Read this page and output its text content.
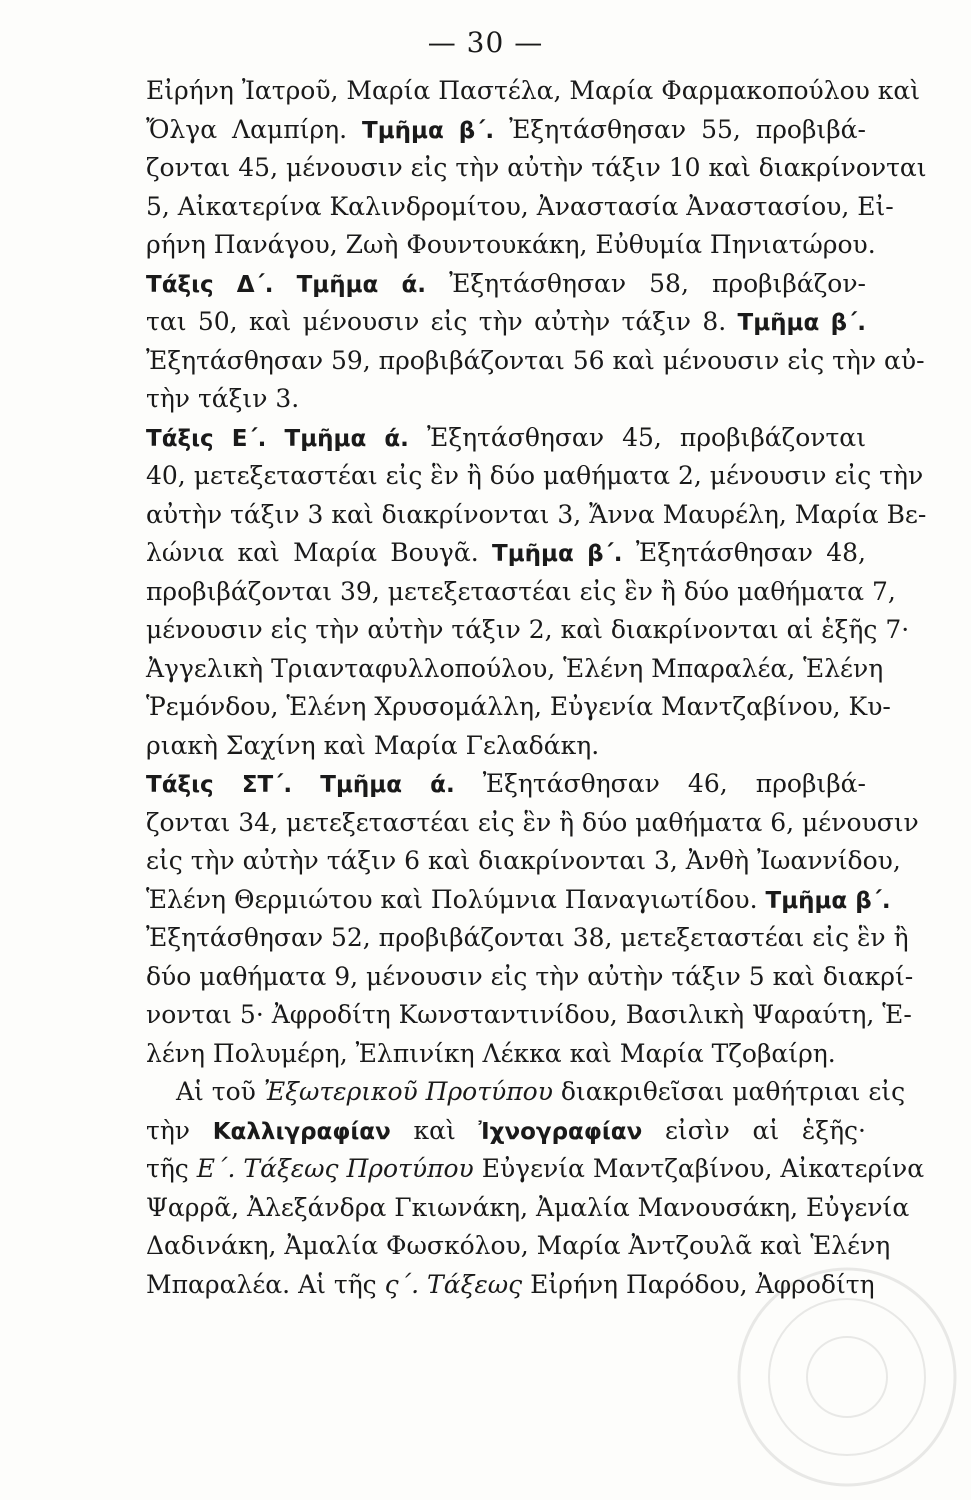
— 30 —
Εἰρήνη Ἰατροῦ, Μαρία Παστέλα, Μαρία Φαρμακοπούλου καὶ
Ὄλγα Λαμπίρη. Τμῆμα β΄. Ἐξητάσθησαν 55, προβιβά-
ζονται 45, μένουσιν εἰς τὴν αὐτὴν τάξιν 10 καὶ διακρίνονται
5, Αἰκατερίνα Καλινδρομίτου, Ἀναστασία Ἀναστασίου, Εἰ-
ρήνη Πανάγου, Ζωὴ Φουντουκάκη, Εὐθυμία Πηνιατώρου.
Τάξις Δ΄. Τμῆμα ά. Ἐξητάσθησαν 58, προβιβάζον-
ται 50, καὶ μένουσιν εἰς τὴν αὐτὴν τάξιν 8. Τμῆμα β΄.
Ἐξητάσθησαν 59, προβιβάζονται 56 καὶ μένουσιν εἰς τὴν αὐ-
τὴν τάξιν 3.
Τάξις Ε΄. Τμῆμα ά. Ἐξητάσθησαν 45, προβιβάζονται
40, μετεξεταστέαι εἰς ἓν ἢ δύο μαθήματα 2, μένουσιν εἰς τὴν
αὐτὴν τάξιν 3 καὶ διακρίνονται 3, Ἄννα Μαυρέλη, Μαρία Βε-
λώνια καὶ Μαρία Βουγᾶ. Τμῆμα β΄. Ἐξητάσθησαν 48,
προβιβάζονται 39, μετεξεταστέαι εἰς ἓν ἢ δύο μαθήματα 7,
μένουσιν εἰς τὴν αὐτὴν τάξιν 2, καὶ διακρίνονται αἱ ἑξῆς 7·
Ἀγγελικὴ Τριανταφυλλοπούλου, Ἑλένη Μπαραλέα, Ἑλένη
Ῥεμόνδου, Ἑλένη Χρυσομάλλη, Εὐγενία Μαντζαβίνου, Κυ-
ριακὴ Σαχίνη καὶ Μαρία Γελαδάκη.
Τάξις ΣΤ΄. Τμῆμα ά. Ἐξητάσθησαν 46, προβιβά-
ζονται 34, μετεξεταστέαι εἰς ἓν ἢ δύο μαθήματα 6, μένουσιν
εἰς τὴν αὐτὴν τάξιν 6 καὶ διακρίνονται 3, Ἀνθὴ Ἰωαννίδου,
Ἑλένη Θερμιώτου καὶ Πολύμνια Παναγιωτίδου. Τμῆμα β΄.
Ἐξητάσθησαν 52, προβιβάζονται 38, μετεξεταστέαι εἰς ἓν ἢ
δύο μαθήματα 9, μένουσιν εἰς τὴν αὐτὴν τάξιν 5 καὶ διακρί-
νονται 5· Ἀφροδίτη Κωνσταντινίδου, Βασιλικὴ Ψαραύτη, Ἑ-
λένη Πολυμέρη, Ἐλπινίκη Λέκκα καὶ Μαρία Τζοβαίρη.
Αἱ τοῦ Ἐξωτερικοῦ Προτύπου διακριθεῖσαι μαθήτριαι εἰς
τὴν Καλλιγραφίαν καὶ Ἰχνογραφίαν εἰσὶν αἱ ἑξῆς·
τῆς Ε΄. Τάξεως Προτύπου Εὐγενία Μαντζαβίνου, Αἰκατερίνα
Ψαρρᾶ, Ἀλεξάνδρα Γκιωνάκη, Ἀμαλία Μανουσάκη, Εὐγενία
Δαδινάκη, Ἀμαλία Φωσκόλου, Μαρία Ἀντζουλᾶ καὶ Ἑλένη
Μπαραλέα. Αἱ τῆς ς΄. Τάξεως Εἰρήνη Παρόδου, Ἀφροδίτη
